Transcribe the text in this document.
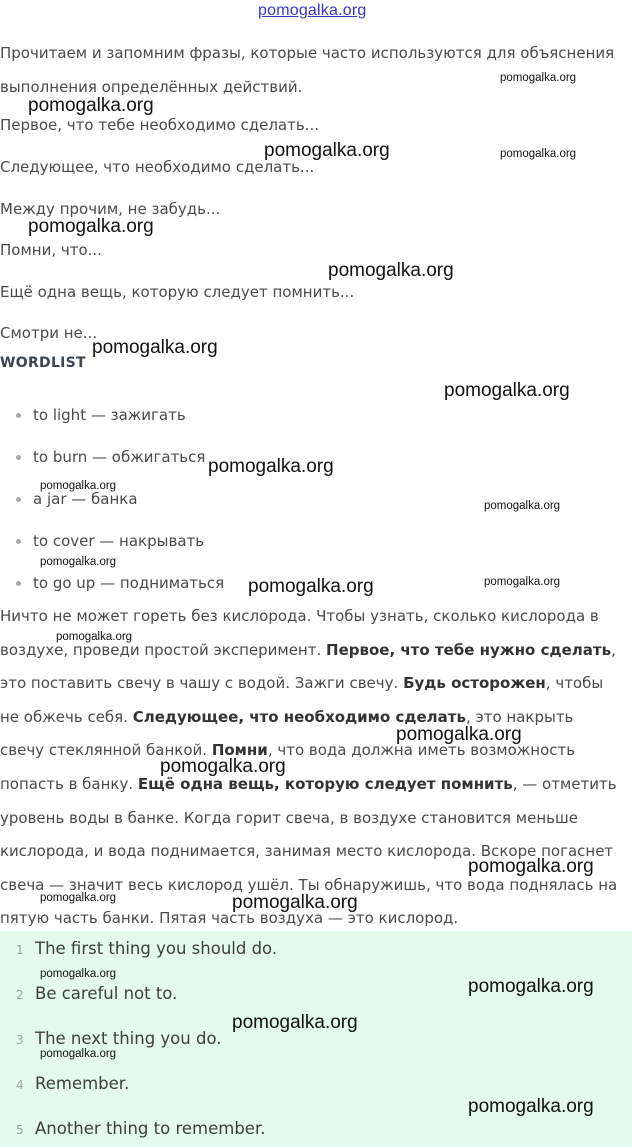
pomogalka.org
Прочитаем и запомним фразы, которые часто используются для объяснения выполнения определённых действий.
Первое, что тебе необходимо сделать...
Следующее, что необходимо сделать...
Между прочим, не забудь...
Помни, что...
Ещё одна вещь, которую следует помнить...
Смотри не...
WORDLIST
to light — зажигать
to burn — обжигаться
a jar — банка
to cover — накрывать
to go up — подниматься

Ничто не может гореть без кислорода. Чтобы узнать, сколько кислорода в воздухе, проведи простой эксперимент. Первое, что тебе нужно сделать, это поставить свечу в чашу с водой. Зажги свечу. Будь осторожен, чтобы не обжечь себя. Следующее, что необходимо сделать, это накрыть свечу стеклянной банкой. Помни, что вода должна иметь возможность попасть в банку. Ещё одна вещь, которую следует помнить, — отметить уровень воды в банке. Когда горит свеча, в воздухе становится меньше кислорода, и вода поднимается, занимая место кислорода. Вскоре погаснет свеча — значит весь кислород ушёл. Ты обнаружишь, что вода поднялась на пятую часть банки. Пятая часть воздуха — это кислород.

1 The first thing you should do.
2 Be careful not to.
3 The next thing you do.
4 Remember.
5 Another thing to remember.
pomogalka.org
pomogalka.org
pomogalka.org	pomogalka.org
pomogalka.org
pomogalka.org
pomogalka.org
pomogalka.org
pomogalka.org
pomogalka.org
pomogalka.org
pomogalka.org
pomogalka.org	pomogalka.org
pomogalka.org
pomogalka.org
pomogalka.org
pomogalka.org
pomogalka.org	pomogalka.org
pomogalka.org
pomogalka.org
pomogalka.org
pomogalka.org
pomogalka.org
